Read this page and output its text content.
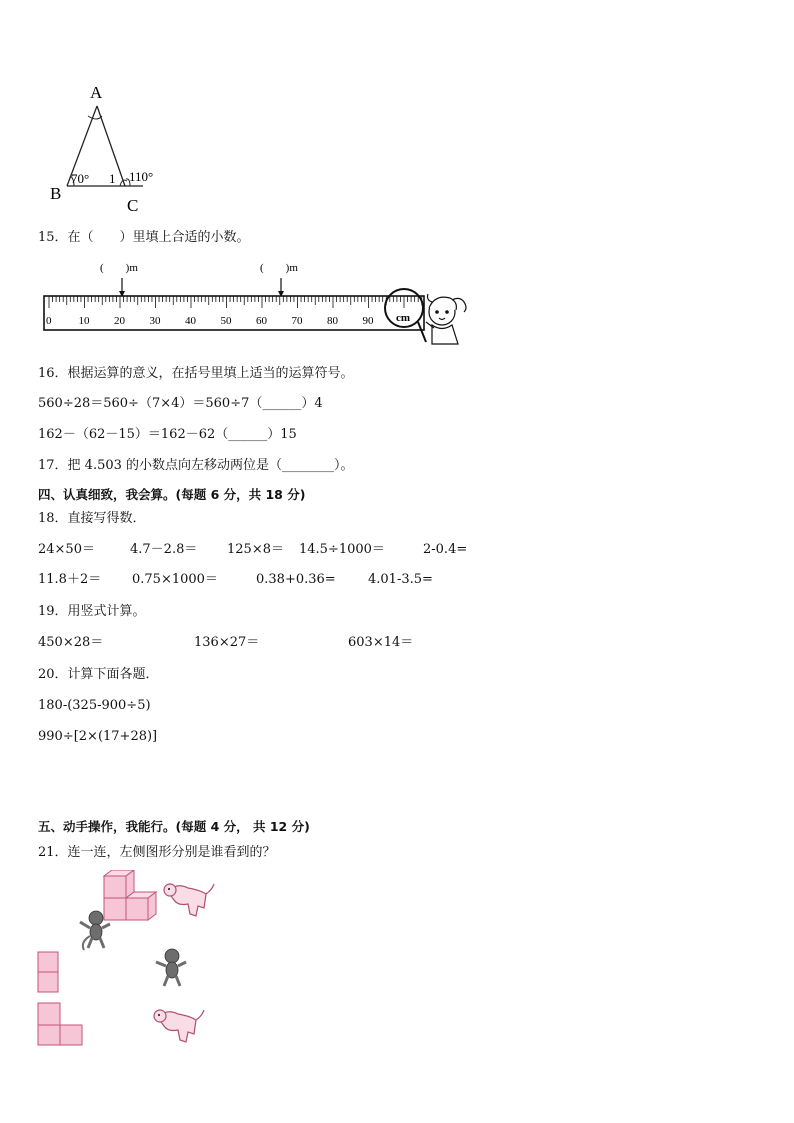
A
B
C
70° 1 110°
15．在（　　）里填上合适的小数。
(　　)m	(　　)m
0 10 20 30 40 50 60 70 80 90 cm
16．根据运算的意义，在括号里填上适当的运算符号。
560÷28＝560÷（7×4）＝560÷7（______）4
162－（62－15）＝162－62（______）15
17．把 4.503 的小数点向左移动两位是（________）。
四、认真细致，我会算。(每题 6 分，共 18 分)
18．直接写得数．
24×50＝	4.7－2.8＝ 125×8＝ 14.5÷1000＝	2-0.4=
11.8＋2＝ 0.75×1000＝	0.38+0.36= 4.01-3.5=
19．用竖式计算。
450×28＝	136×27＝	603×14＝
20．计算下面各题．
180-(325-900÷5)
990÷[2×(17+28)]
五、动手操作，我能行。(每题 4 分， 共 12 分)
21．连一连，左侧图形分别是谁看到的？
